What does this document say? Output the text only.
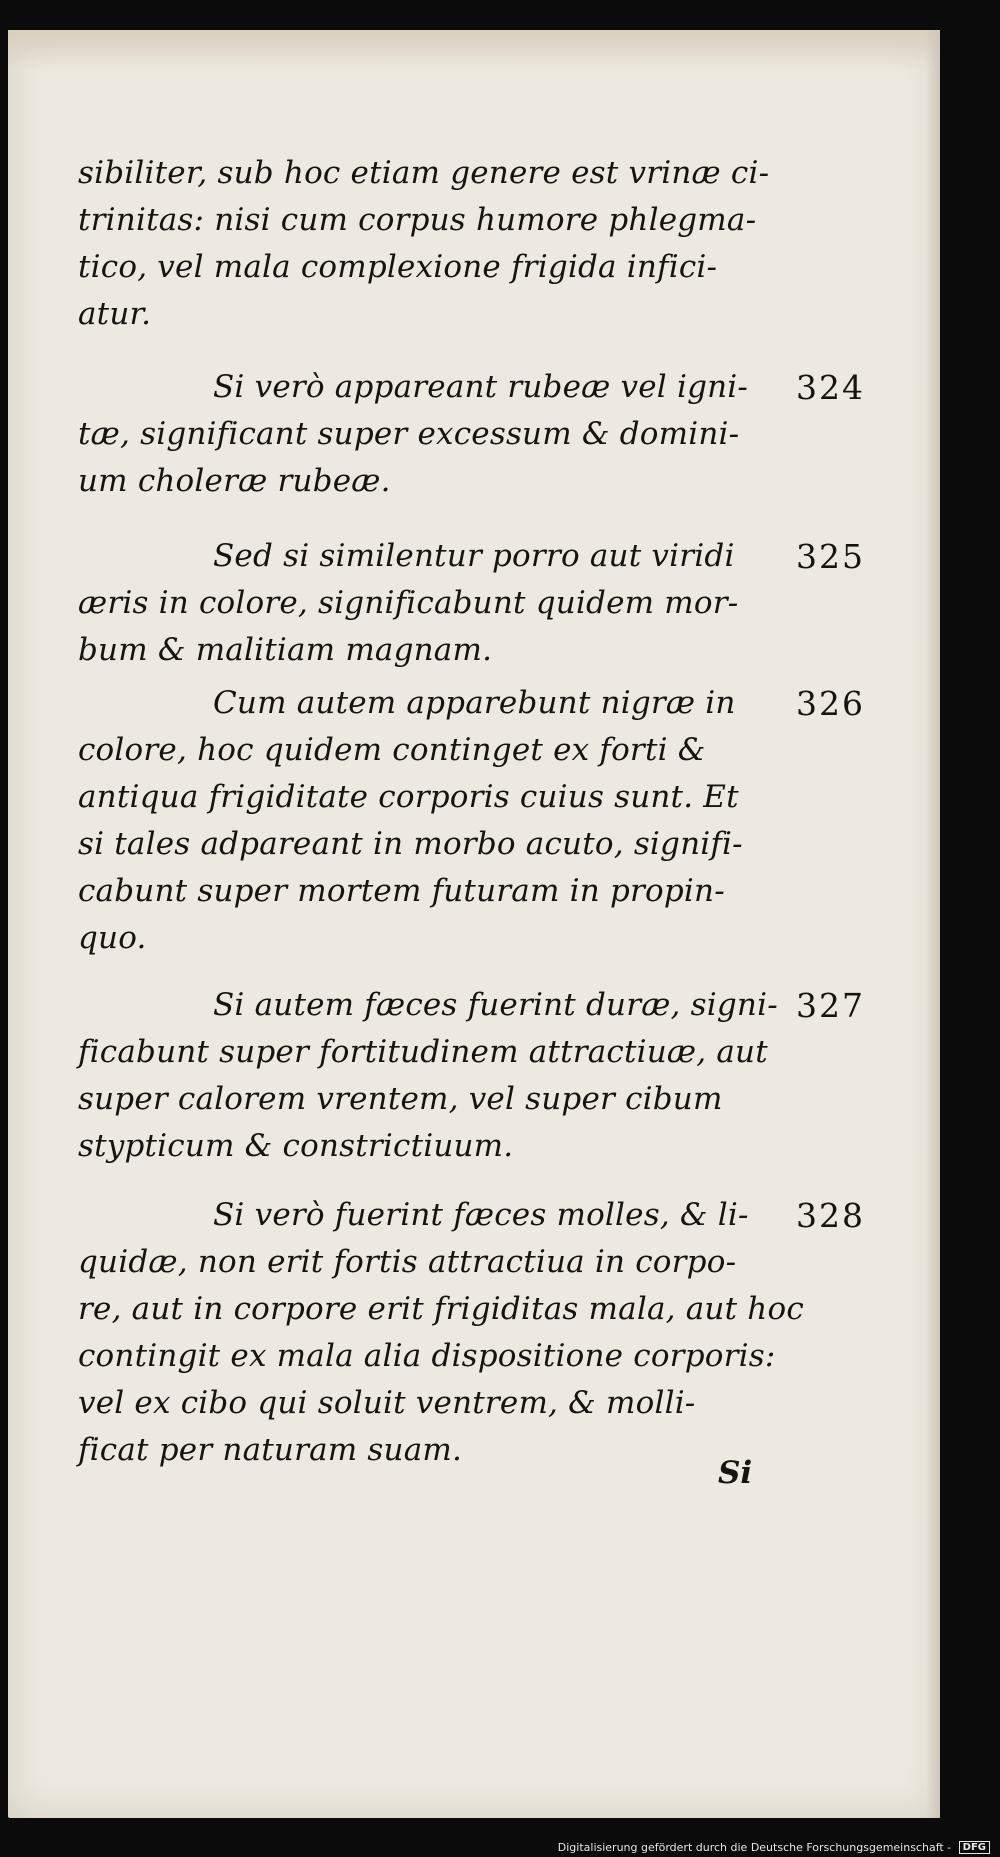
sibiliter, sub hoc etiam genere est vrinæ ci-
trinitas: nisi cum corpus humore phlegma-
tico, vel mala complexione frigida infici-
atur.
Si verò appareant rubeæ vel igni-
tæ, significant super excessum & domini-
um choleræ rubeæ.
324
Sed si similentur porro aut viridi
æris in colore, significabunt quidem mor-
bum & malitiam magnam.
325
Cum autem apparebunt nigræ in
colore, hoc quidem continget ex forti &
antiqua frigiditate corporis cuius sunt. Et
si tales adpareant in morbo acuto, signifi-
cabunt super mortem futuram in propin-
quo.
326
Si autem fæces fuerint duræ, signi-
ficabunt super fortitudinem attractiuæ, aut
super calorem vrentem, vel super cibum
stypticum & constrictiuum.
327
Si verò fuerint fæces molles, & li-
quidæ, non erit fortis attractiua in corpo-
re, aut in corpore erit frigiditas mala, aut hoc
contingit ex mala alia dispositione corporis:
vel ex cibo qui soluit ventrem, & molli-
ficat per naturam suam.
328
Si
Digitalisierung gefördert durch die Deutsche Forschungsgemeinschaft - DFG
